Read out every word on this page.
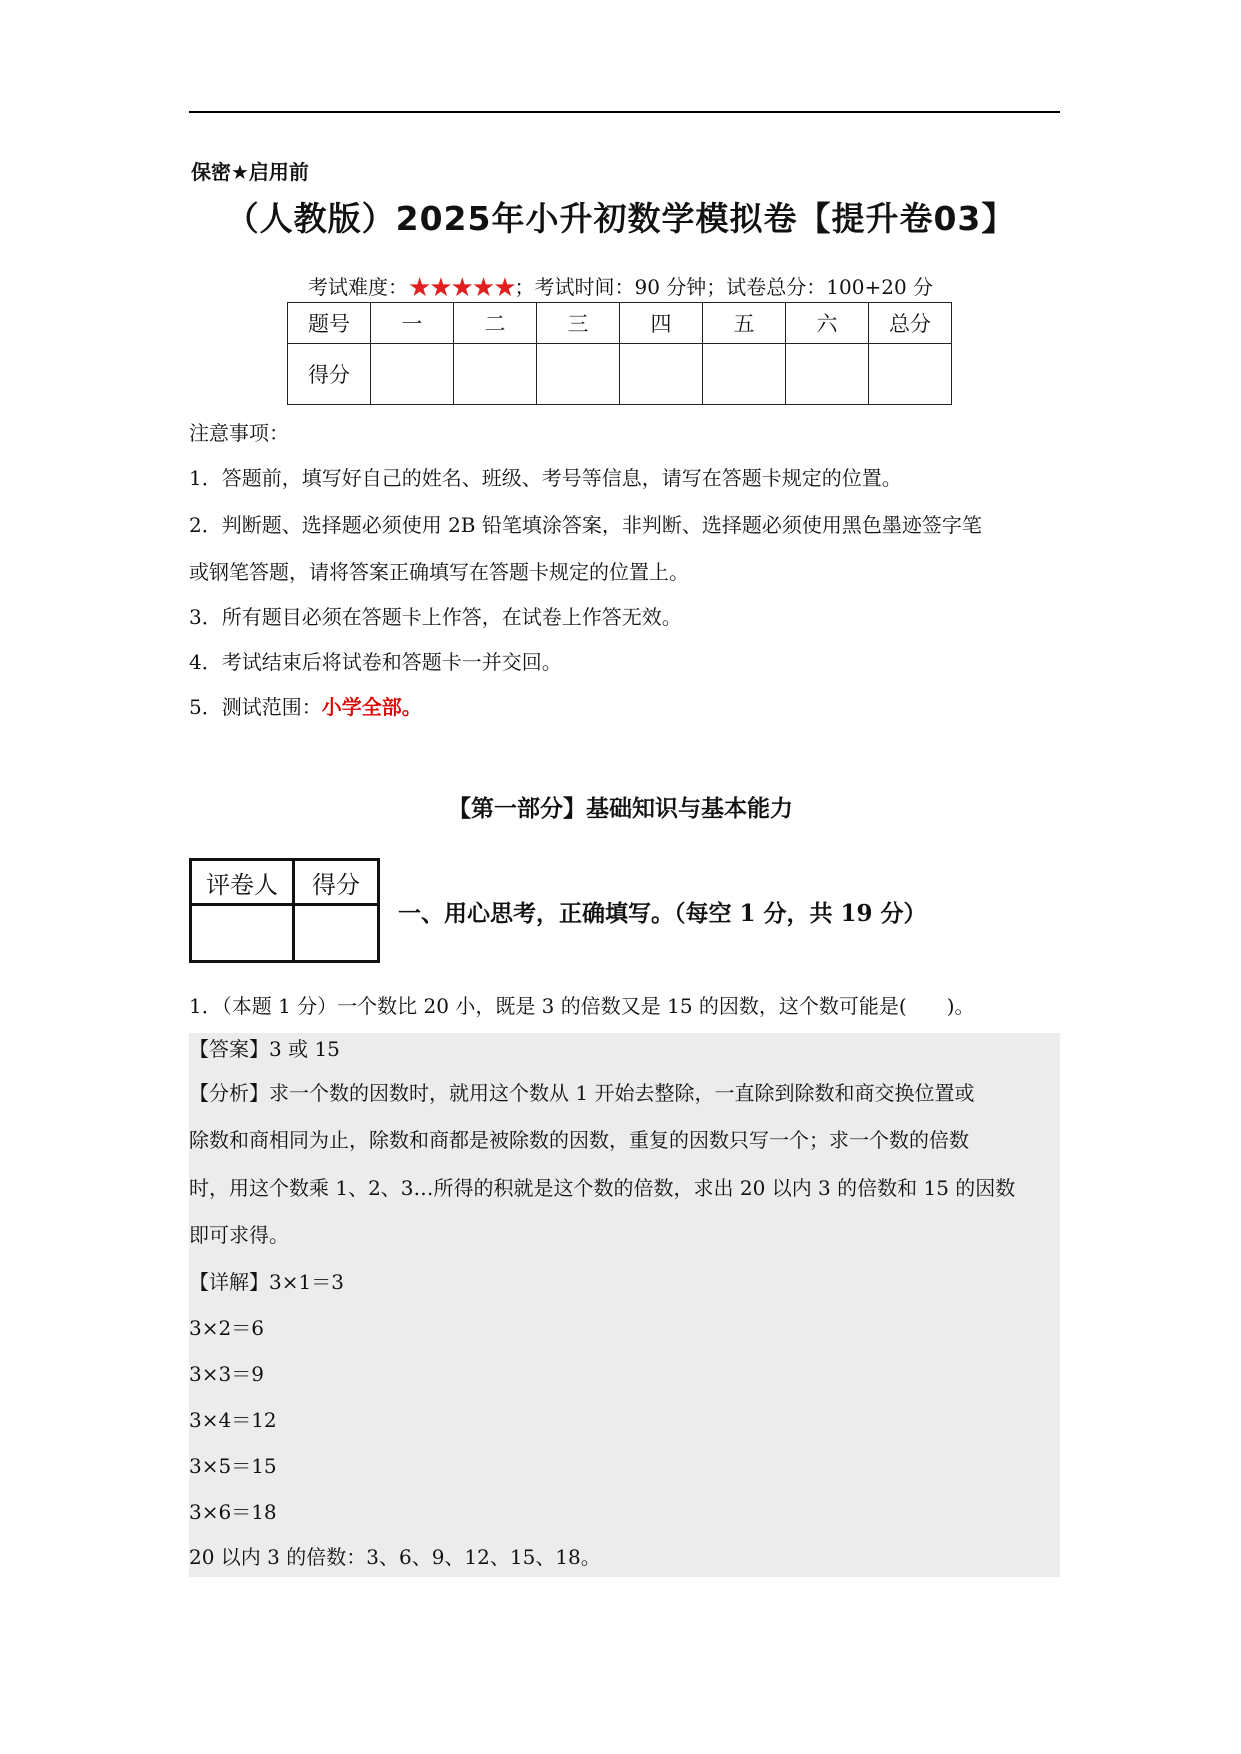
保密★启用前
（人教版）2025年小升初数学模拟卷【提升卷03】
考试难度：★★★★★；考试时间：90 分钟；试卷总分：100+20 分
题号	一	二	三	四	五	六	总分
得分							

注意事项：

1．答题前，填写好自己的姓名、班级、考号等信息，请写在答题卡规定的位置。

2．判断题、选择题必须使用 2B 铅笔填涂答案，非判断、选择题必须使用黑色墨迹签字笔

或钢笔答题，请将答案正确填写在答题卡规定的位置上。

3．所有题目必须在答题卡上作答，在试卷上作答无效。

4．考试结束后将试卷和答题卡一并交回。

5．测试范围：小学全部。

【第一部分】基础知识与基本能力
评卷人	得分

一、用心思考，正确填写。（每空 1 分，共 19 分）
1．（本题 1 分）一个数比 20 小，既是 3 的倍数又是 15 的因数，这个数可能是(　　)。
【答案】3 或 15
【分析】求一个数的因数时，就用这个数从 1 开始去整除，一直除到除数和商交换位置或
除数和商相同为止，除数和商都是被除数的因数，重复的因数只写一个；求一个数的倍数
时，用这个数乘 1、2、3…所得的积就是这个数的倍数，求出 20 以内 3 的倍数和 15 的因数
即可求得。
【详解】3×1＝3
3×2＝6
3×3＝9
3×4＝12
3×5＝15
3×6＝18
20 以内 3 的倍数：3、6、9、12、15、18。
